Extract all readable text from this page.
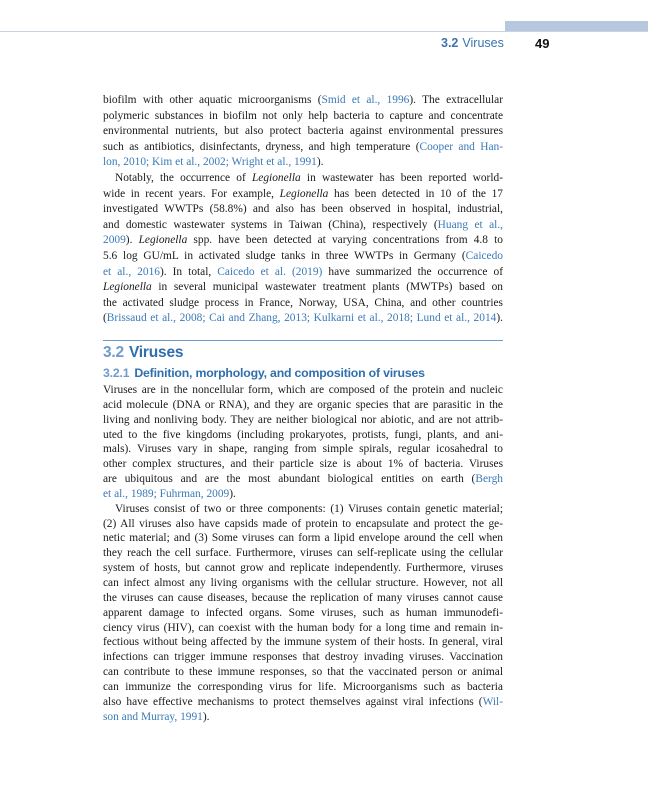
3.2 Viruses 49
biofilm with other aquatic microorganisms (Smid et al., 1996). The extracellular
polymeric substances in biofilm not only help bacteria to capture and concentrate
environmental nutrients, but also protect bacteria against environmental pressures
such as antibiotics, disinfectants, dryness, and high temperature (Cooper and Han-
lon, 2010; Kim et al., 2002; Wright et al., 1991).
Notably, the occurrence of Legionella in wastewater has been reported world-
wide in recent years. For example, Legionella has been detected in 10 of the 17
investigated WWTPs (58.8%) and also has been observed in hospital, industrial,
and domestic wastewater systems in Taiwan (China), respectively (Huang et al.,
2009). Legionella spp. have been detected at varying concentrations from 4.8 to
5.6 log GU/mL in activated sludge tanks in three WWTPs in Germany (Caicedo
et al., 2016). In total, Caicedo et al. (2019) have summarized the occurrence of
Legionella in several municipal wastewater treatment plants (MWTPs) based on
the activated sludge process in France, Norway, USA, China, and other countries
(Brissaud et al., 2008; Cai and Zhang, 2013; Kulkarni et al., 2018; Lund et al., 2014).
3.2 Viruses
3.2.1 Definition, morphology, and composition of viruses
Viruses are in the noncellular form, which are composed of the protein and nucleic
acid molecule (DNA or RNA), and they are organic species that are parasitic in the
living and nonliving body. They are neither biological nor abiotic, and are not attrib-
uted to the five kingdoms (including prokaryotes, protists, fungi, plants, and ani-
mals). Viruses vary in shape, ranging from simple spirals, regular icosahedral to
other complex structures, and their particle size is about 1% of bacteria. Viruses
are ubiquitous and are the most abundant biological entities on earth (Bergh
et al., 1989; Fuhrman, 2009).
Viruses consist of two or three components: (1) Viruses contain genetic material;
(2) All viruses also have capsids made of protein to encapsulate and protect the ge-
netic material; and (3) Some viruses can form a lipid envelope around the cell when
they reach the cell surface. Furthermore, viruses can self-replicate using the cellular
system of hosts, but cannot grow and replicate independently. Furthermore, viruses
can infect almost any living organisms with the cellular structure. However, not all
the viruses can cause diseases, because the replication of many viruses cannot cause
apparent damage to infected organs. Some viruses, such as human immunodefi-
ciency virus (HIV), can coexist with the human body for a long time and remain in-
fectious without being affected by the immune system of their hosts. In general, viral
infections can trigger immune responses that destroy invading viruses. Vaccination
can contribute to these immune responses, so that the vaccinated person or animal
can immunize the corresponding virus for life. Microorganisms such as bacteria
also have effective mechanisms to protect themselves against viral infections (Wil-
son and Murray, 1991).
